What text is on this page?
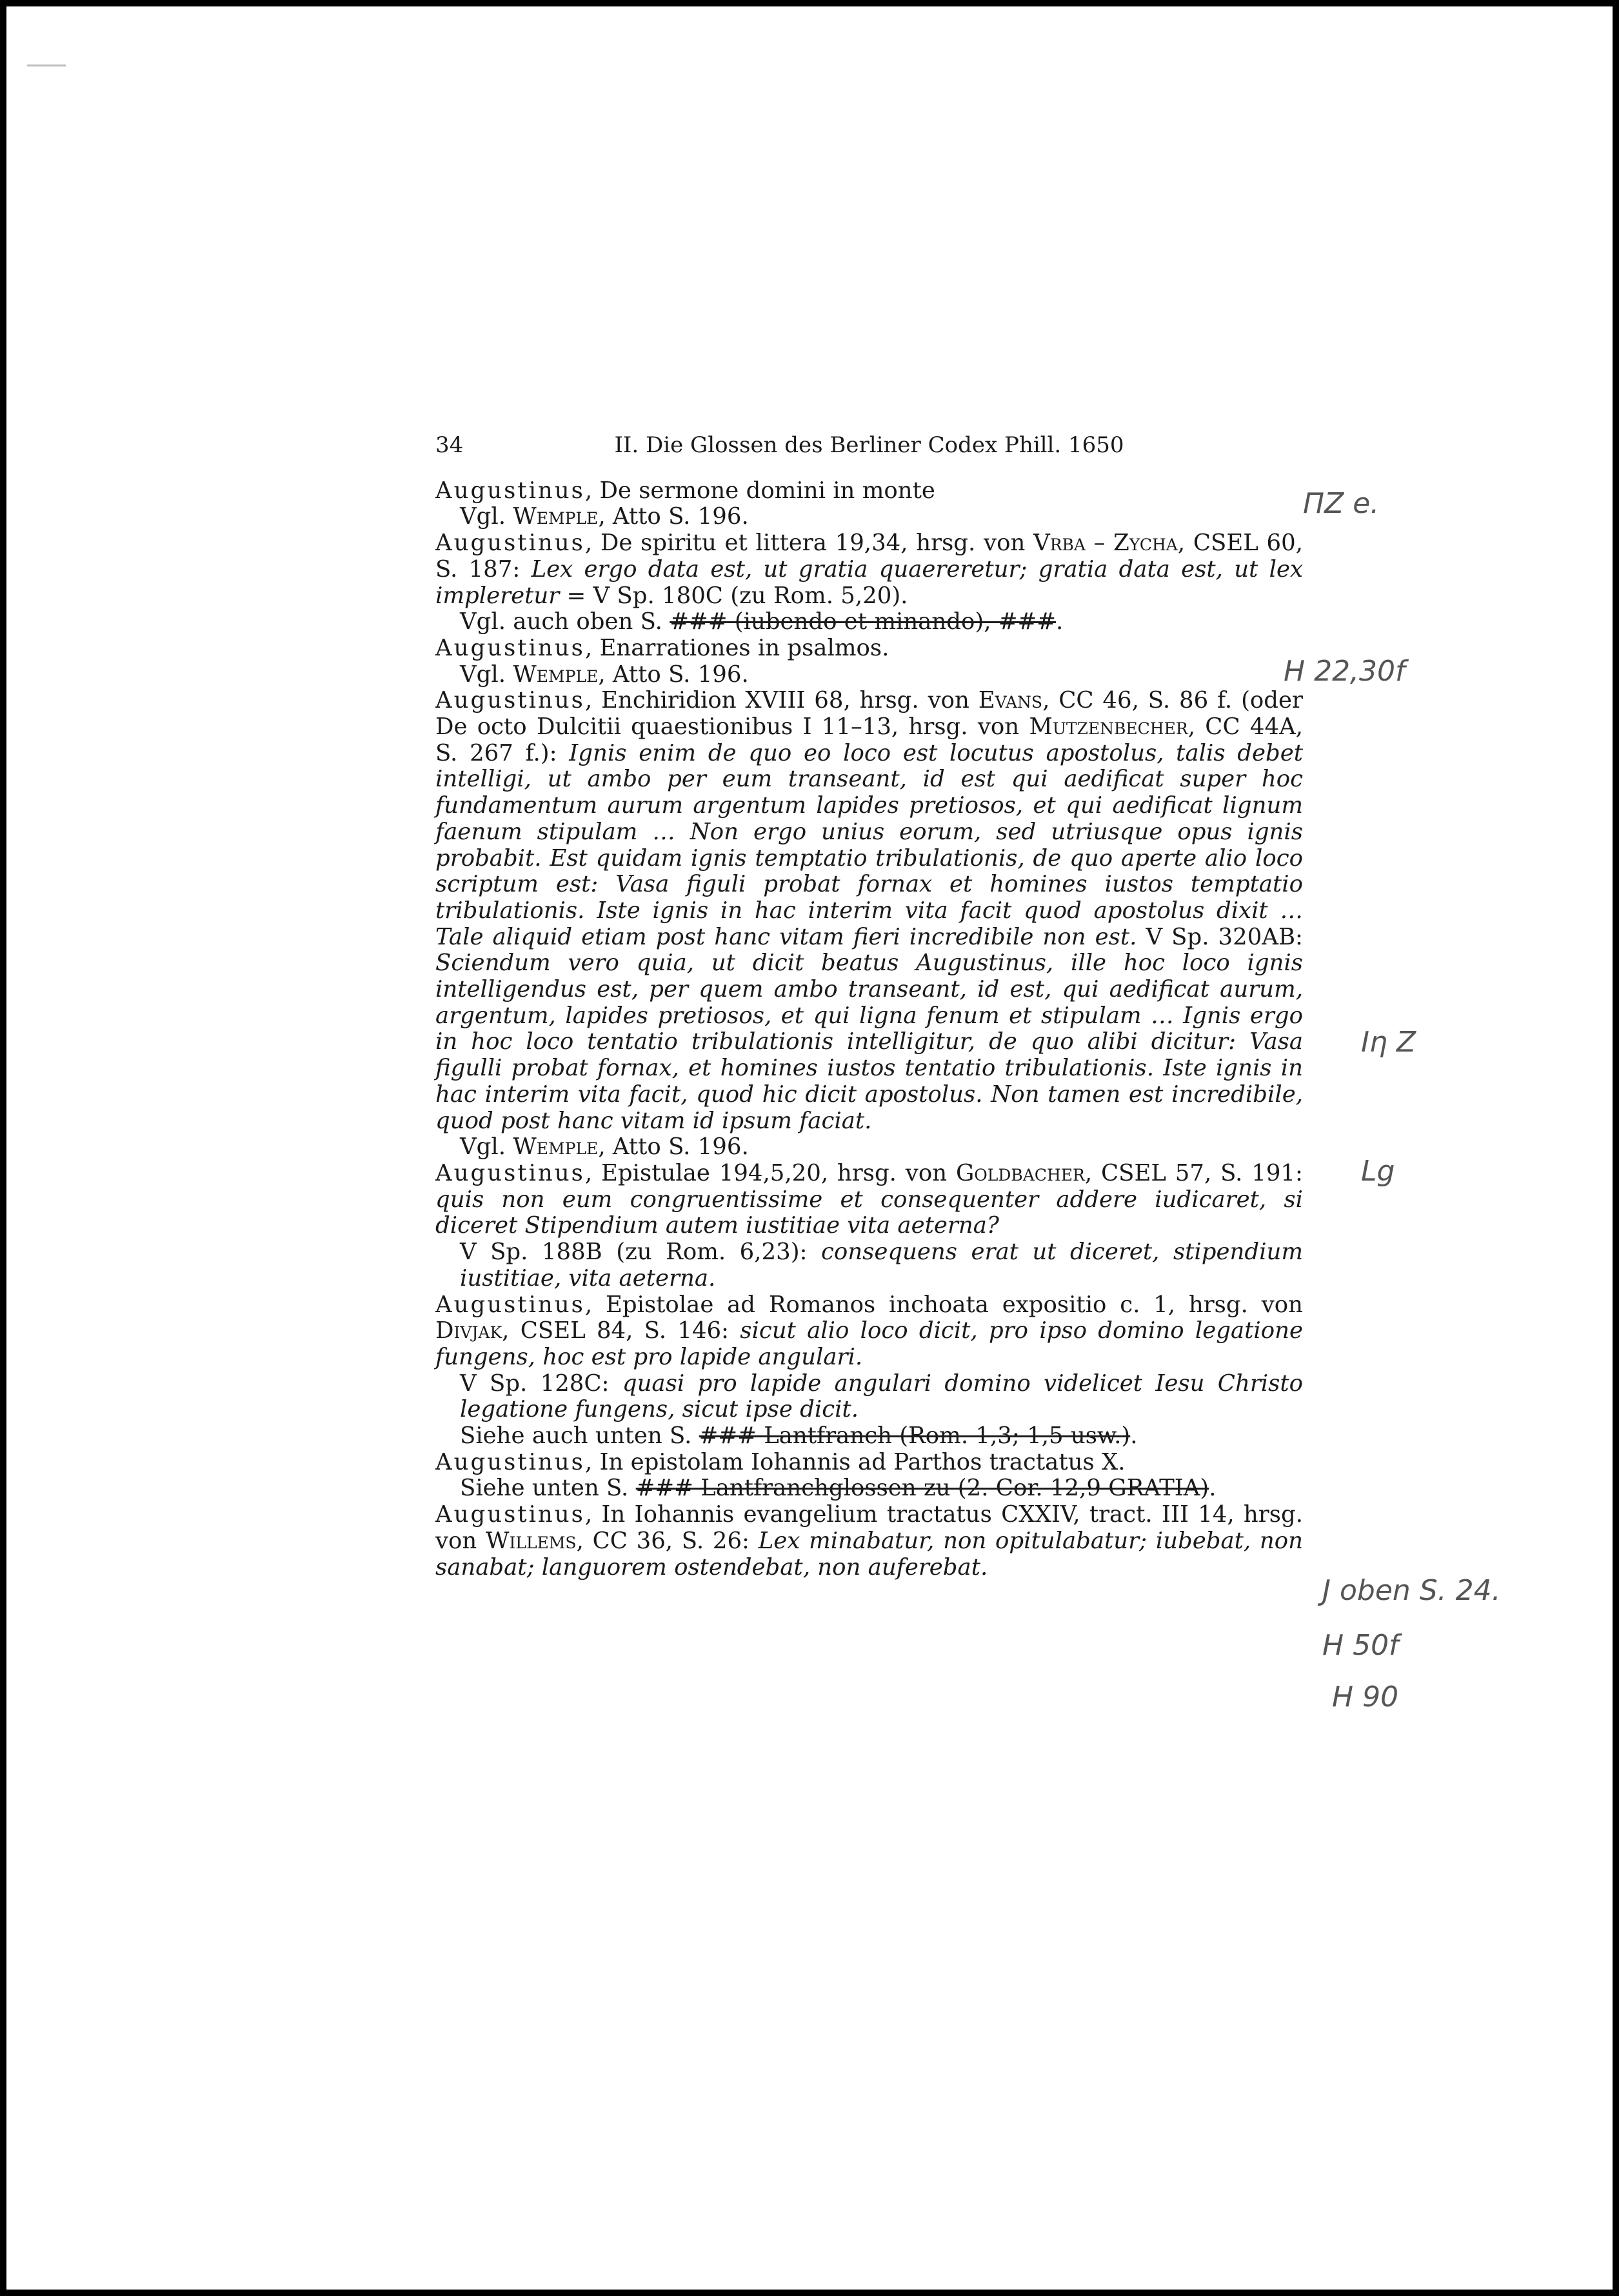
34	II. Die Glossen des Berliner Codex Phill. 1650

Augustinus, De sermone domini in monte

Vgl. Wemple, Atto S. 196.

Augustinus, De spiritu et littera 19,34, hrsg. von Vrba – Zycha, CSEL 60, S. 187: Lex ergo data est, ut gratia quaereretur; gratia data est, ut lex impleretur = V Sp. 180C (zu Rom. 5,20).

Vgl. auch oben S. ### (iubendo et minando), ###.

Augustinus, Enarrationes in psalmos.

Vgl. Wemple, Atto S. 196.

Augustinus, Enchiridion XVIII 68, hrsg. von Evans, CC 46, S. 86 f. (oder De octo Dulcitii quaestionibus I 11–13, hrsg. von Mutzenbecher, CC 44A, S. 267 f.): Ignis enim de quo eo loco est locutus apostolus, talis debet intelligi, ut ambo per eum transeant, id est qui aedificat super hoc fundamentum aurum argentum lapides pretiosos, et qui aedificat lignum faenum stipulam … Non ergo unius eorum, sed utriusque opus ignis probabit. Est quidam ignis temptatio tribulationis, de quo aperte alio loco scriptum est: Vasa figuli probat fornax et homines iustos temptatio tribulationis. Iste ignis in hac interim vita facit quod apostolus dixit … Tale aliquid etiam post hanc vitam fieri incredibile non est. V Sp. 320AB: Sciendum vero quia, ut dicit beatus Augustinus, ille hoc loco ignis intelligendus est, per quem ambo transeant, id est, qui aedificat aurum, argentum, lapides pretiosos, et qui ligna fenum et stipulam … Ignis ergo in hoc loco tentatio tribulationis intelligitur, de quo alibi dicitur: Vasa figulli probat fornax, et homines iustos tentatio tribulationis. Iste ignis in hac interim vita facit, quod hic dicit apostolus. Non tamen est incredibile, quod post hanc vitam id ipsum faciat.

Vgl. Wemple, Atto S. 196.

Augustinus, Epistulae 194,5,20, hrsg. von Goldbacher, CSEL 57, S. 191: quis non eum congruentissime et consequenter addere iudicaret, si diceret Stipendium autem iustitiae vita aeterna?

V Sp. 188B (zu Rom. 6,23): consequens erat ut diceret, stipendium iustitiae, vita aeterna.

Augustinus, Epistolae ad Romanos inchoata expositio c. 1, hrsg. von Divjak, CSEL 84, S. 146: sicut alio loco dicit, pro ipso domino legatione fungens, hoc est pro lapide angulari.

V Sp. 128C: quasi pro lapide angulari domino videlicet Iesu Christo legatione fungens, sicut ipse dicit.

Siehe auch unten S. ### Lantfranch (Rom. 1,3; 1,5 usw.).

Augustinus, In epistolam Iohannis ad Parthos tractatus X.

Siehe unten S. ### Lantfranchglossen zu (2. Cor. 12,9 GRATIA).

Augustinus, In Iohannis evangelium tractatus CXXIV, tract. III 14, hrsg. von Willems, CC 36, S. 26: Lex minabatur, non opitulabatur; iubebat, non sanabat; languorem ostendebat, non auferebat.

ΠΖ e.
Η 22,30f
Ιη Ζ
Lg
J oben S. 24.
H 50f
H 90
